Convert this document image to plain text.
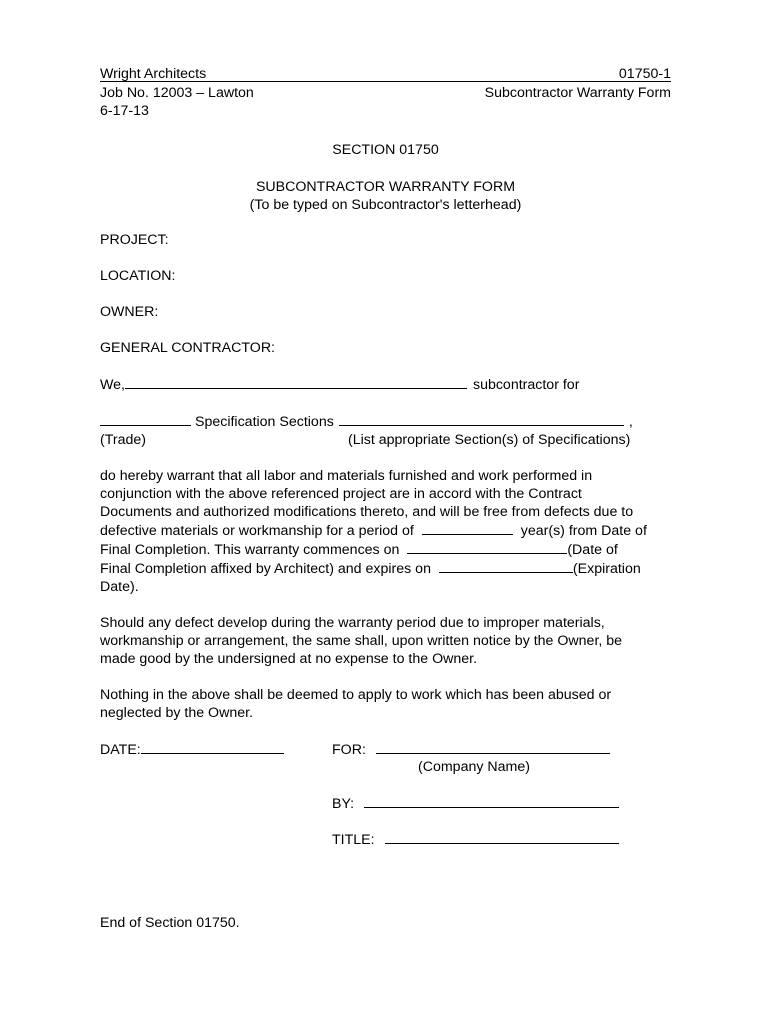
Wright Architects	01750-1
Job No. 12003 – Lawton	Subcontractor Warranty Form
6-17-13
SECTION 01750
SUBCONTRACTOR WARRANTY FORM
(To be typed on Subcontractor's letterhead)
PROJECT:
LOCATION:
OWNER:
GENERAL CONTRACTOR:
We,	subcontractor for
Specification Sections	,
(Trade)	(List appropriate Section(s) of Specifications)
do hereby warrant that all labor and materials furnished and work performed in
conjunction with the above referenced project are in accord with the Contract
Documents and authorized modifications thereto, and will be free from defects due to
defective materials or workmanship for a period of	year(s) from Date of
Final Completion. This warranty commences on	(Date of
Final Completion affixed by Architect) and expires on	(Expiration
Date).
Should any defect develop during the warranty period due to improper materials,
workmanship or arrangement, the same shall, upon written notice by the Owner, be
made good by the undersigned at no expense to the Owner.
Nothing in the above shall be deemed to apply to work which has been abused or
neglected by the Owner.
DATE:	FOR:
(Company Name)
BY:
TITLE:
End of Section 01750.
